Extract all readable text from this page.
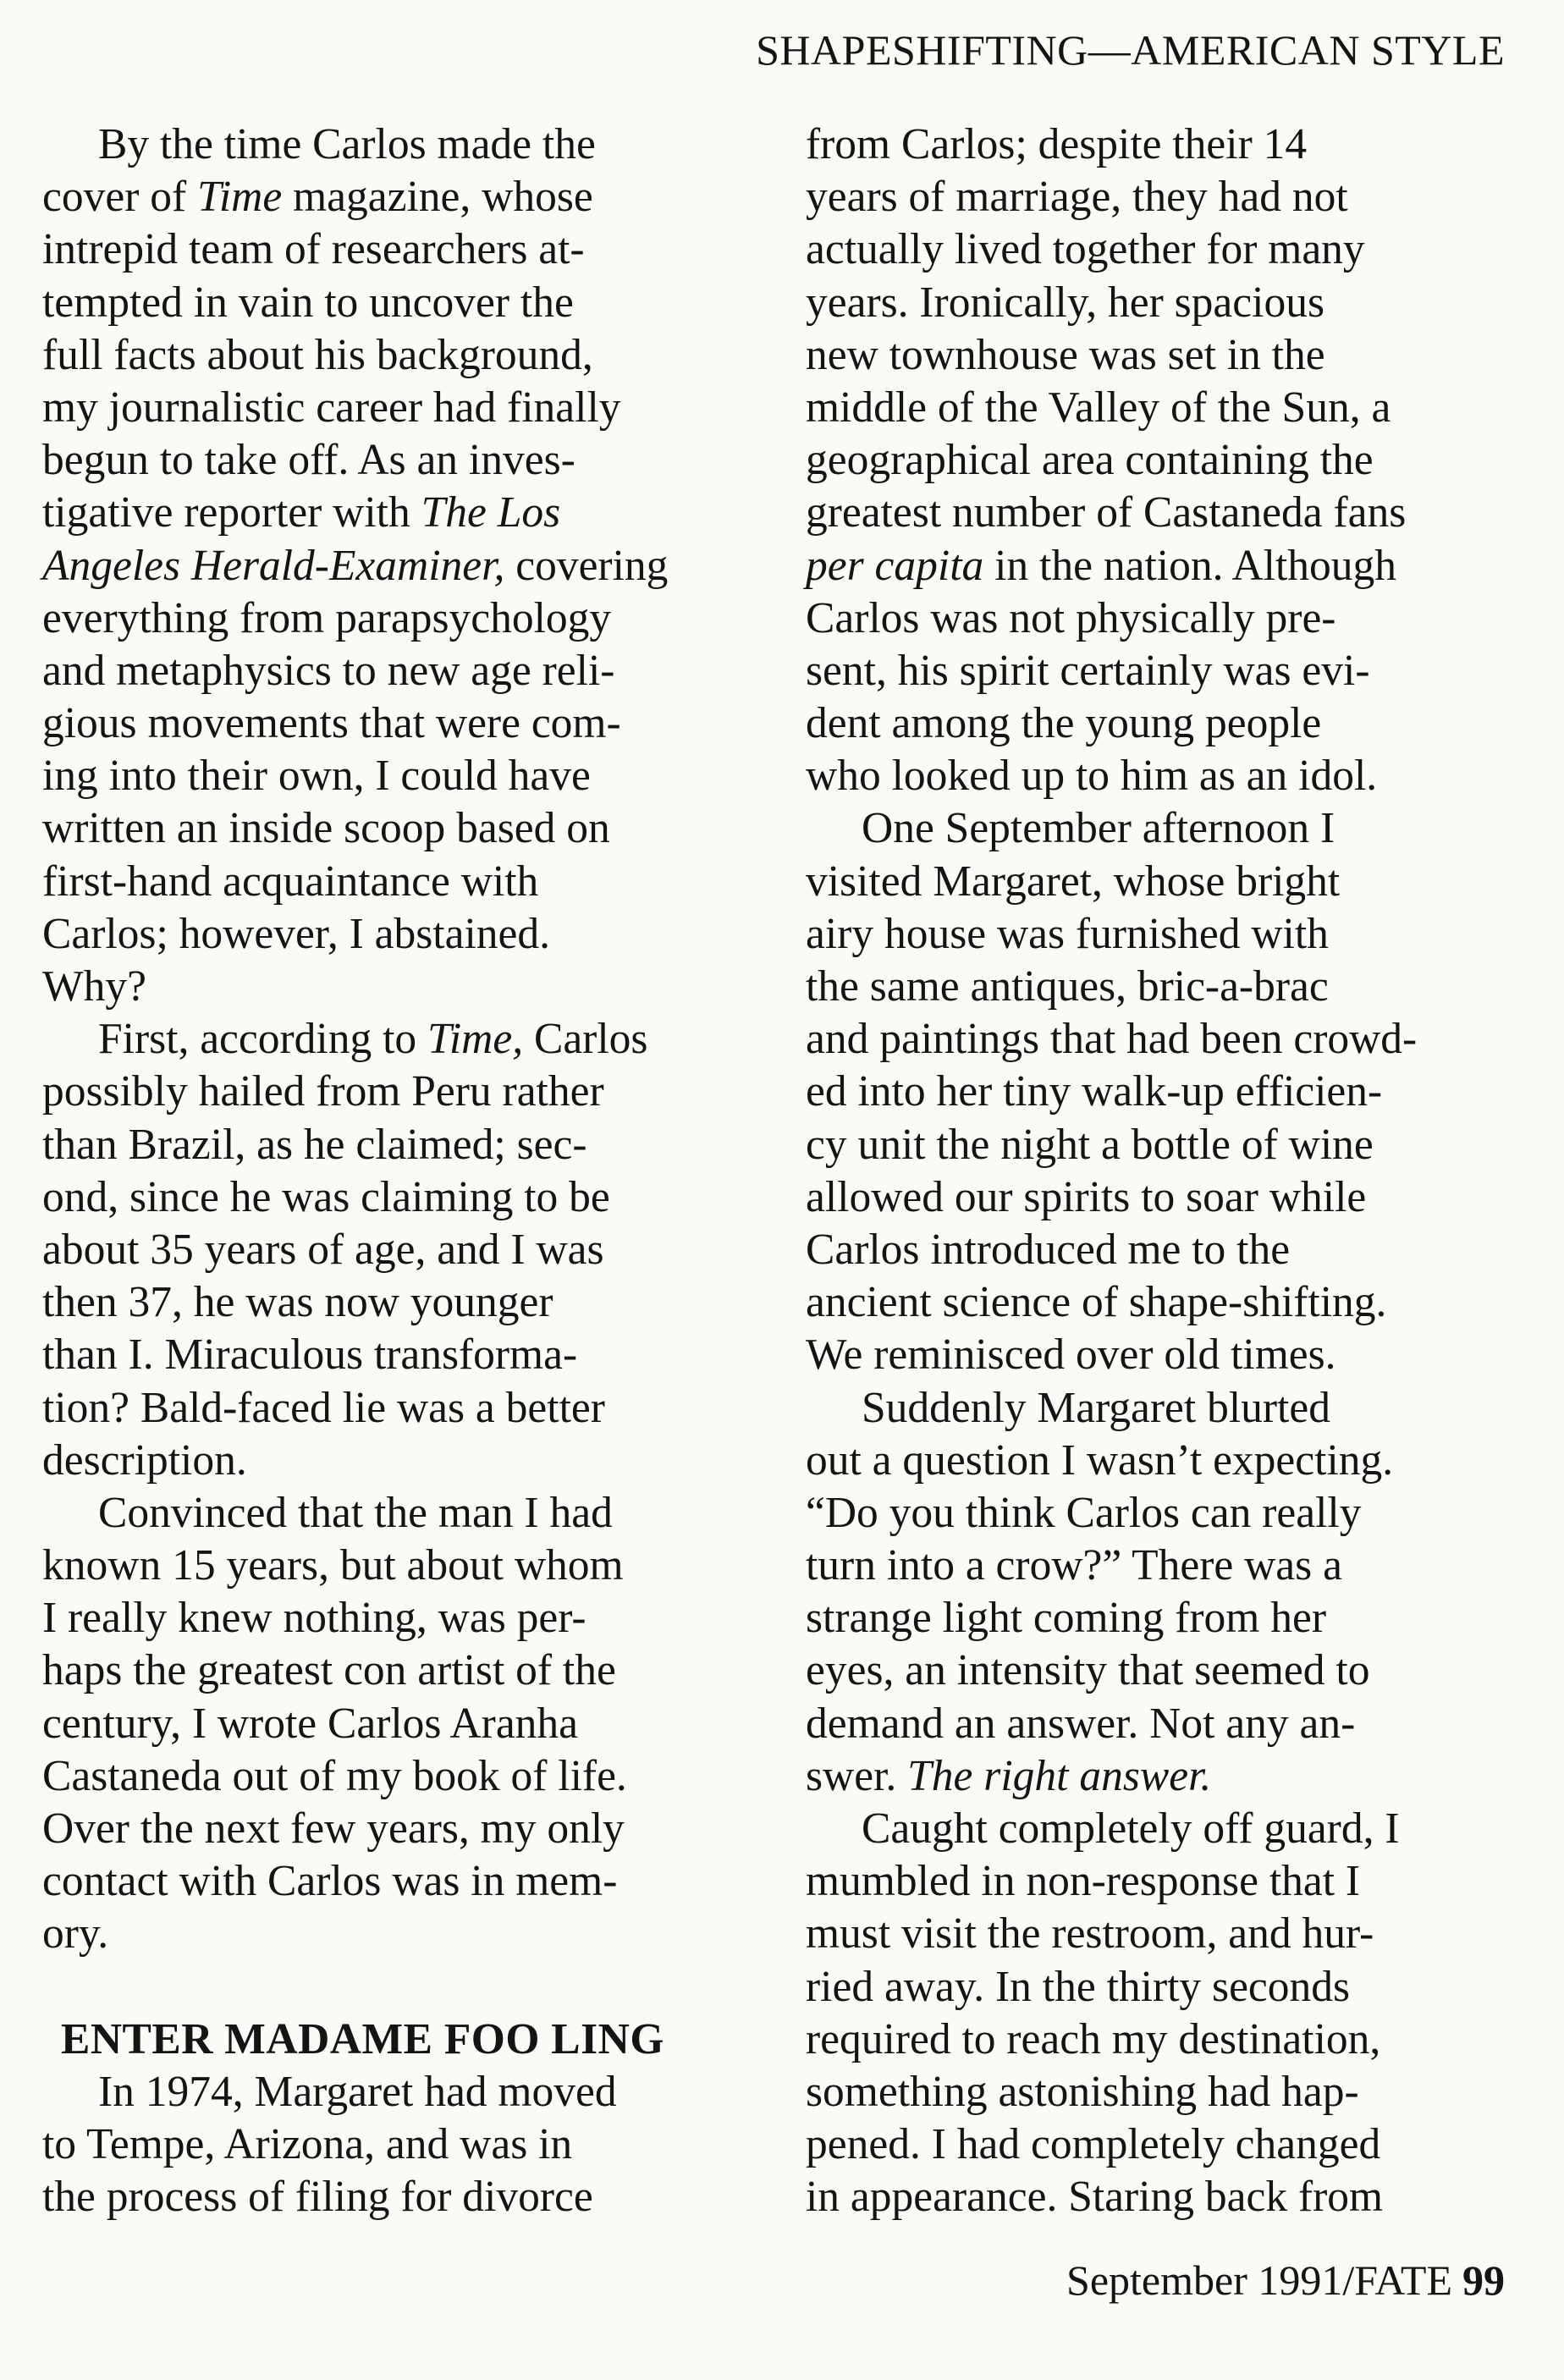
SHAPESHIFTING—AMERICAN STYLE
By the time Carlos made the
cover of Time magazine, whose
intrepid team of researchers at-
tempted in vain to uncover the
full facts about his background,
my journalistic career had finally
begun to take off. As an inves-
tigative reporter with The Los
Angeles Herald-Examiner, covering
everything from parapsychology
and metaphysics to new age reli-
gious movements that were com-
ing into their own, I could have
written an inside scoop based on
first-hand acquaintance with
Carlos; however, I abstained.
Why?
First, according to Time, Carlos
possibly hailed from Peru rather
than Brazil, as he claimed; sec-
ond, since he was claiming to be
about 35 years of age, and I was
then 37, he was now younger
than I. Miraculous transforma-
tion? Bald-faced lie was a better
description.
Convinced that the man I had
known 15 years, but about whom
I really knew nothing, was per-
haps the greatest con artist of the
century, I wrote Carlos Aranha
Castaneda out of my book of life.
Over the next few years, my only
contact with Carlos was in mem-
ory.
ENTER MADAME FOO LING
In 1974, Margaret had moved
to Tempe, Arizona, and was in
the process of filing for divorce
from Carlos; despite their 14
years of marriage, they had not
actually lived together for many
years. Ironically, her spacious
new townhouse was set in the
middle of the Valley of the Sun, a
geographical area containing the
greatest number of Castaneda fans
per capita in the nation. Although
Carlos was not physically pre-
sent, his spirit certainly was evi-
dent among the young people
who looked up to him as an idol.
One September afternoon I
visited Margaret, whose bright
airy house was furnished with
the same antiques, bric-a-brac
and paintings that had been crowd-
ed into her tiny walk-up efficien-
cy unit the night a bottle of wine
allowed our spirits to soar while
Carlos introduced me to the
ancient science of shape-shifting.
We reminisced over old times.
Suddenly Margaret blurted
out a question I wasn’t expecting.
“Do you think Carlos can really
turn into a crow?” There was a
strange light coming from her
eyes, an intensity that seemed to
demand an answer. Not any an-
swer. The right answer.
Caught completely off guard, I
mumbled in non-response that I
must visit the restroom, and hur-
ried away. In the thirty seconds
required to reach my destination,
something astonishing had hap-
pened. I had completely changed
in appearance. Staring back from
September 1991/FATE 99
